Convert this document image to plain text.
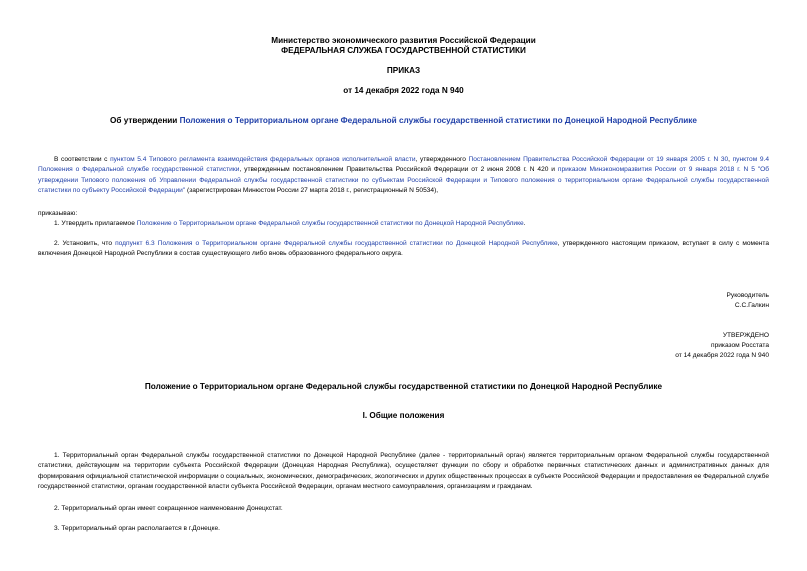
Министерство экономического развития Российской Федерации
ФЕДЕРАЛЬНАЯ СЛУЖБА ГОСУДАРСТВЕННОЙ СТАТИСТИКИ
ПРИКАЗ
от 14 декабря 2022 года N 940
Об утверждении Положения о Территориальном органе Федеральной службы государственной статистики по Донецкой Народной Республике
В соответствии с пунктом 5.4 Типового регламента взаимодействия федеральных органов исполнительной власти, утвержденного Постановлением Правительства Российской Федерации от 19 января 2005 г. N 30, пунктом 9.4 Положения о Федеральной службе государственной статистики, утвержденным постановлением Правительства Российской Федерации от 2 июня 2008 г. N 420 и приказом Минэкономразвития России от 9 января 2018 г. N 5 "Об утверждении Типового положения об Управлении Федеральной службы государственной статистики по субъектам Российской Федерации и Типового положения о территориальном органе Федеральной службы государственной статистики по субъекту Российской Федерации" (зарегистрирован Минюстом России 27 марта 2018 г., регистрационный N 50534),
приказываю:
1. Утвердить прилагаемое Положение о Территориальном органе Федеральной службы государственной статистики по Донецкой Народной Республике.
2. Установить, что подпункт 6.3 Положения о Территориальном органе Федеральной службы государственной статистики по Донецкой Народной Республике, утвержденного настоящим приказом, вступает в силу с момента включения Донецкой Народной Республики в состав существующего либо вновь образованного федерального округа.
Руководитель
С.С.Галкин
УТВЕРЖДЕНО
приказом Росстата
от 14 декабря 2022 года N 940
Положение о Территориальном органе Федеральной службы государственной статистики по Донецкой Народной Республике
I. Общие положения
1. Территориальный орган Федеральной службы государственной статистики по Донецкой Народной Республике (далее - территориальный орган) является территориальным органом Федеральной службы государственной статистики, действующим на территории субъекта Российской Федерации (Донецкая Народная Республика), осуществляет функции по сбору и обработке первичных статистических данных и административных данных для формирования официальной статистической информации о социальных, экономических, демографических, экологических и других общественных процессах в субъекте Российской Федерации и предоставления ее Федеральной службе государственной статистики, органам государственной власти субъекта Российской Федерации, органам местного самоуправления, организациям и гражданам.
2. Территориальный орган имеет сокращенное наименование Донецкстат.
3. Территориальный орган располагается в г.Донецке.
